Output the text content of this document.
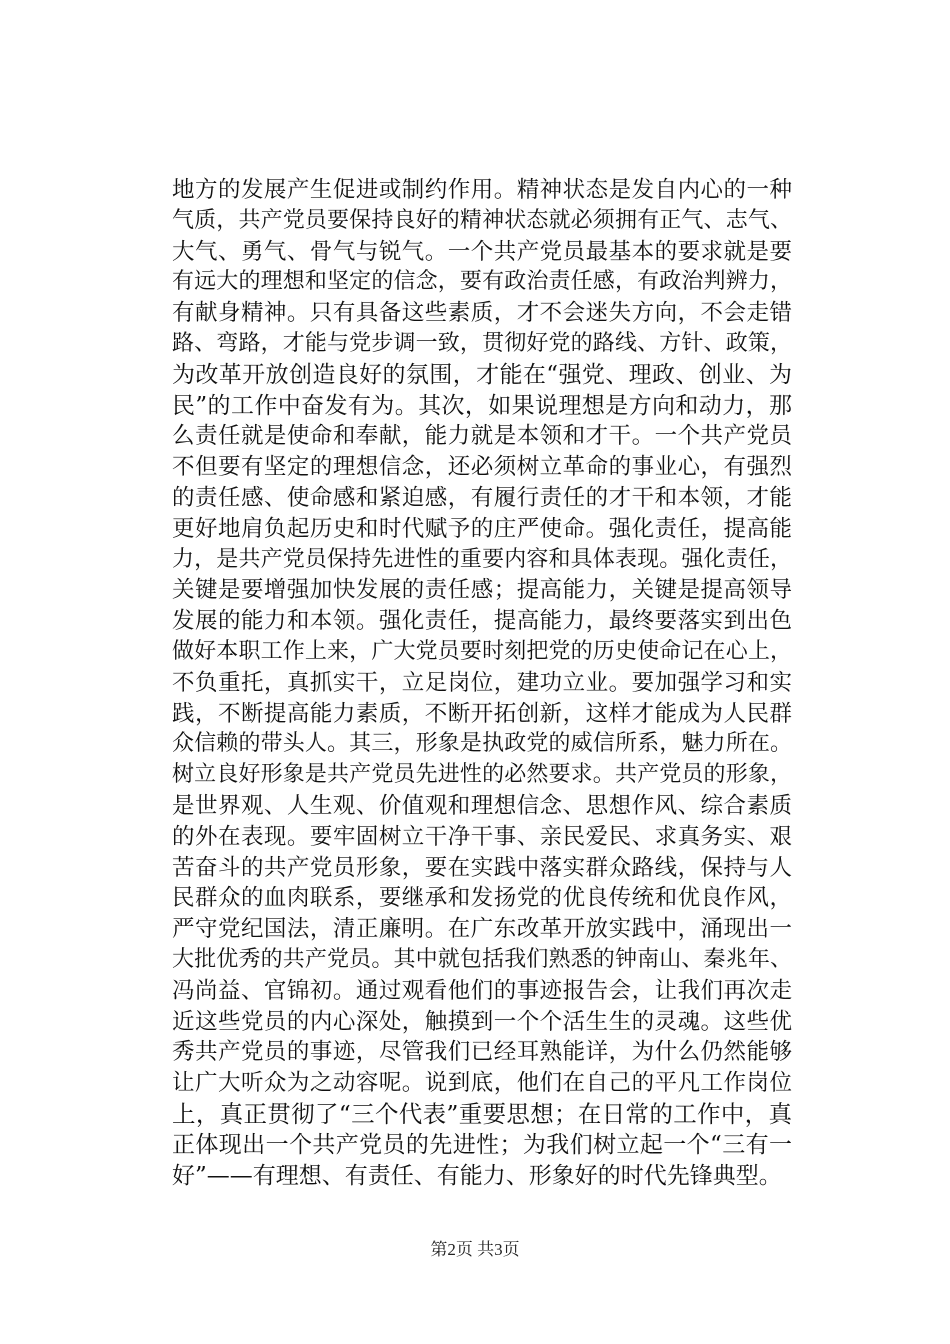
地方的发展产生促进或制约作用。精神状态是发自内心的一种
气质，共产党员要保持良好的精神状态就必须拥有正气、志气、
大气、勇气、骨气与锐气。一个共产党员最基本的要求就是要
有远大的理想和坚定的信念，要有政治责任感，有政治判辨力，
有献身精神。只有具备这些素质，才不会迷失方向，不会走错
路、弯路，才能与党步调一致，贯彻好党的路线、方针、政策，
为改革开放创造良好的氛围，才能在“强党、理政、创业、为
民”的工作中奋发有为。其次，如果说理想是方向和动力，那
么责任就是使命和奉献，能力就是本领和才干。一个共产党员
不但要有坚定的理想信念，还必须树立革命的事业心，有强烈
的责任感、使命感和紧迫感，有履行责任的才干和本领，才能
更好地肩负起历史和时代赋予的庄严使命。强化责任，提高能
力，是共产党员保持先进性的重要内容和具体表现。强化责任，
关键是要增强加快发展的责任感；提高能力，关键是提高领导
发展的能力和本领。强化责任，提高能力，最终要落实到出色
做好本职工作上来，广大党员要时刻把党的历史使命记在心上，
不负重托，真抓实干，立足岗位，建功立业。要加强学习和实
践，不断提高能力素质，不断开拓创新，这样才能成为人民群
众信赖的带头人。其三，形象是执政党的威信所系，魅力所在。
树立良好形象是共产党员先进性的必然要求。共产党员的形象，
是世界观、人生观、价值观和理想信念、思想作风、综合素质
的外在表现。要牢固树立干净干事、亲民爱民、求真务实、艰
苦奋斗的共产党员形象，要在实践中落实群众路线，保持与人
民群众的血肉联系，要继承和发扬党的优良传统和优良作风，
严守党纪国法，清正廉明。在广东改革开放实践中，涌现出一
大批优秀的共产党员。其中就包括我们熟悉的钟南山、秦兆年、
冯尚益、官锦初。通过观看他们的事迹报告会，让我们再次走
近这些党员的内心深处，触摸到一个个活生生的灵魂。这些优
秀共产党员的事迹，尽管我们已经耳熟能详，为什么仍然能够
让广大听众为之动容呢。说到底，他们在自己的平凡工作岗位
上，真正贯彻了“三个代表”重要思想；在日常的工作中，真
正体现出一个共产党员的先进性；为我们树立起一个“三有一
好”——有理想、有责任、有能力、形象好的时代先锋典型。
第2页 共3页
